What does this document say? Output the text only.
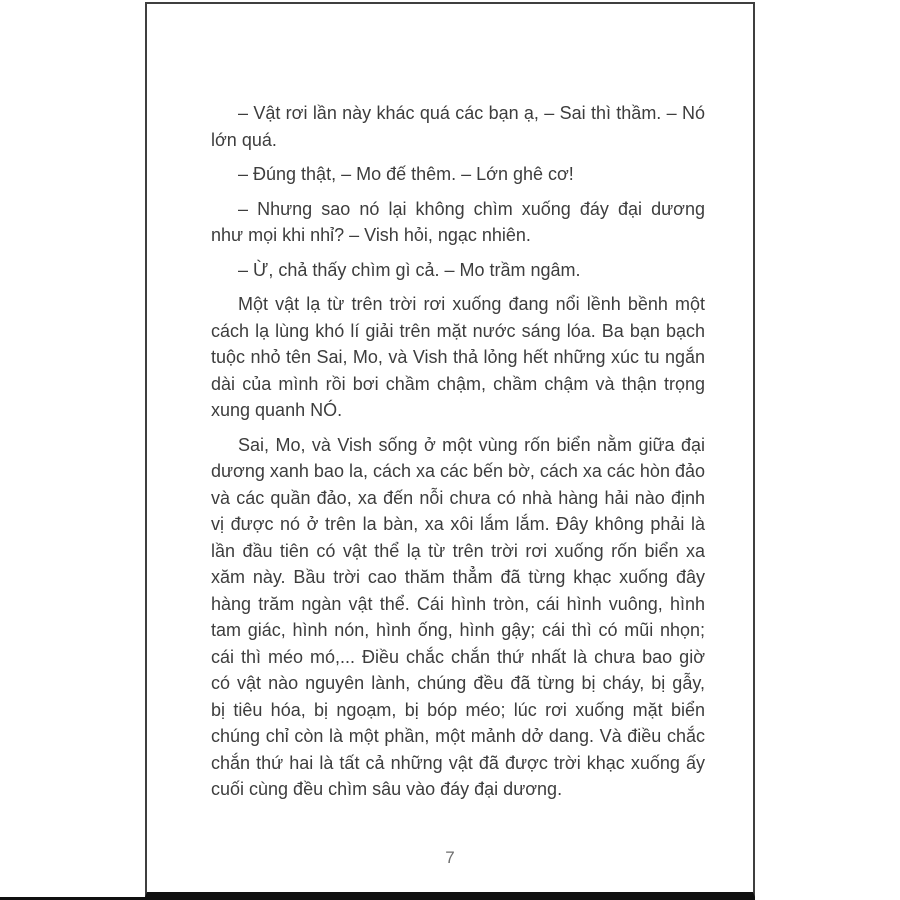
– Vật rơi lần này khác quá các bạn ạ, – Sai thì thầm. – Nó
lớn quá.

– Đúng thật, – Mo đế thêm. – Lớn ghê cơ!

– Nhưng sao nó lại không chìm xuống đáy đại dương
như mọi khi nhỉ? – Vish hỏi, ngạc nhiên.

– Ừ, chả thấy chìm gì cả. – Mo trầm ngâm.

Một vật lạ từ trên trời rơi xuống đang nổi lềnh bềnh một
cách lạ lùng khó lí giải trên mặt nước sáng lóa. Ba bạn bạch
tuộc nhỏ tên Sai, Mo, và Vish thả lỏng hết những xúc tu ngắn
dài của mình rồi bơi chầm chậm, chầm chậm và thận trọng
xung quanh NÓ.

Sai, Mo, và Vish sống ở một vùng rốn biển nằm giữa đại
dương xanh bao la, cách xa các bến bờ, cách xa các hòn đảo
và các quần đảo, xa đến nỗi chưa có nhà hàng hải nào định
vị được nó ở trên la bàn, xa xôi lắm lắm. Đây không phải là
lần đầu tiên có vật thể lạ từ trên trời rơi xuống rốn biển xa
xăm này. Bầu trời cao thăm thẳm đã từng khạc xuống đây
hàng trăm ngàn vật thể. Cái hình tròn, cái hình vuông, hình
tam giác, hình nón, hình ống, hình gậy; cái thì có mũi nhọn;
cái thì méo mó,... Điều chắc chắn thứ nhất là chưa bao giờ
có vật nào nguyên lành, chúng đều đã từng bị cháy, bị gẫy,
bị tiêu hóa, bị ngoạm, bị bóp méo; lúc rơi xuống mặt biển
chúng chỉ còn là một phần, một mảnh dở dang. Và điều chắc
chắn thứ hai là tất cả những vật đã được trời khạc xuống ấy
cuối cùng đều chìm sâu vào đáy đại dương.

7
